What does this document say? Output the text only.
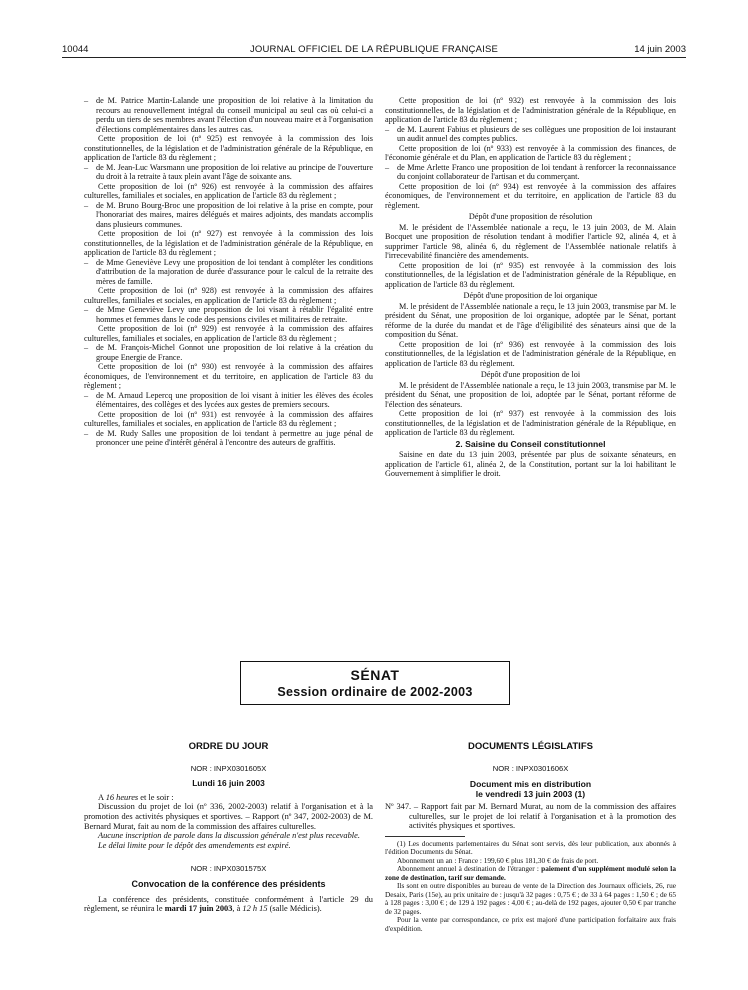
10044	JOURNAL OFFICIEL DE LA RÉPUBLIQUE FRANÇAISE	14 juin 2003

– de M. Patrice Martin-Lalande une proposition de loi relative à la limitation du recours au renouvellement intégral du conseil municipal au seul cas où celui-ci a perdu un tiers de ses membres avant l'élection d'un nouveau maire et à l'organisation d'élections complémentaires dans les autres cas.

Cette proposition de loi (nº 925) est renvoyée à la commission des lois constitutionnelles, de la législation et de l'administration générale de la République, en application de l'article 83 du règlement ;

– de M. Jean-Luc Warsmann une proposition de loi relative au principe de l'ouverture du droit à la retraite à taux plein avant l'âge de soixante ans.

Cette proposition de loi (nº 926) est renvoyée à la commission des affaires culturelles, familiales et sociales, en application de l'article 83 du règlement ;

– de M. Bruno Bourg-Broc une proposition de loi relative à la prise en compte, pour l'honorariat des maires, maires délégués et maires adjoints, des mandats accomplis dans plusieurs communes.

Cette proposition de loi (nº 927) est renvoyée à la commission des lois constitutionnelles, de la législation et de l'administration générale de la République, en application de l'article 83 du règlement ;

– de Mme Geneviève Levy une proposition de loi tendant à compléter les conditions d'attribution de la majoration de durée d'assurance pour le calcul de la retraite des mères de famille.

Cette proposition de loi (nº 928) est renvoyée à la commission des affaires culturelles, familiales et sociales, en application de l'article 83 du règlement ;

– de Mme Geneviève Levy une proposition de loi visant à rétablir l'égalité entre hommes et femmes dans le code des pensions civiles et militaires de retraite.

Cette proposition de loi (nº 929) est renvoyée à la commission des affaires culturelles, familiales et sociales, en application de l'article 83 du règlement ;

– de M. François-Michel Gonnot une proposition de loi relative à la création du groupe Energie de France.

Cette proposition de loi (nº 930) est renvoyée à la commission des affaires économiques, de l'environnement et du territoire, en application de l'article 83 du règlement ;

– de M. Arnaud Lepercq une proposition de loi visant à initier les élèves des écoles élémentaires, des collèges et des lycées aux gestes de premiers secours.

Cette proposition de loi (nº 931) est renvoyée à la commission des affaires culturelles, familiales et sociales, en application de l'article 83 du règlement ;

– de M. Rudy Salles une proposition de loi tendant à permettre au juge pénal de prononcer une peine d'intérêt général à l'encontre des auteurs de graffitis.

Cette proposition de loi (nº 932) est renvoyée à la commission des lois constitutionnelles, de la législation et de l'administration générale de la République, en application de l'article 83 du règlement ;

– de M. Laurent Fabius et plusieurs de ses collègues une proposition de loi instaurant un audit annuel des comptes publics.

Cette proposition de loi (nº 933) est renvoyée à la commission des finances, de l'économie générale et du Plan, en application de l'article 83 du règlement ;

– de Mme Arlette Franco une proposition de loi tendant à renforcer la reconnaissance du conjoint collaborateur de l'artisan et du commerçant.

Cette proposition de loi (nº 934) est renvoyée à la commission des affaires économiques, de l'environnement et du territoire, en application de l'article 83 du règlement.

Dépôt d'une proposition de résolution

M. le président de l'Assemblée nationale a reçu, le 13 juin 2003, de M. Alain Bocquet une proposition de résolution tendant à modifier l'article 92, alinéa 4, et à supprimer l'article 98, alinéa 6, du règlement de l'Assemblée nationale relatifs à l'irrecevabilité financière des amendements.

Cette proposition de loi (nº 935) est renvoyée à la commission des lois constitutionnelles, de la législation et de l'administration générale de la République, en application de l'article 83 du règlement.

Dépôt d'une proposition de loi organique

M. le président de l'Assemblée nationale a reçu, le 13 juin 2003, transmise par M. le président du Sénat, une proposition de loi organique, adoptée par le Sénat, portant réforme de la durée du mandat et de l'âge d'éligibilité des sénateurs ainsi que de la composition du Sénat.

Cette proposition de loi (nº 936) est renvoyée à la commission des lois constitutionnelles, de la législation et de l'administration générale de la République, en application de l'article 83 du règlement.

Dépôt d'une proposition de loi

M. le président de l'Assemblée nationale a reçu, le 13 juin 2003, transmise par M. le président du Sénat, une proposition de loi, adoptée par le Sénat, portant réforme de l'élection des sénateurs.

Cette proposition de loi (nº 937) est renvoyée à la commission des lois constitutionnelles, de la législation et de l'administration générale de la République, en application de l'article 83 du règlement.

2. Saisine du Conseil constitutionnel

Saisine en date du 13 juin 2003, présentée par plus de soixante sénateurs, en application de l'article 61, alinéa 2, de la Constitution, portant sur la loi habilitant le Gouvernement à simplifier le droit.

SÉNAT
Session ordinaire de 2002-2003

ORDRE DU JOUR

NOR : INPX0301605X

Lundi 16 juin 2003

A 16 heures et le soir :

Discussion du projet de loi (nº 336, 2002-2003) relatif à l'organisation et à la promotion des activités physiques et sportives. – Rapport (nº 347, 2002-2003) de M. Bernard Murat, fait au nom de la commission des affaires culturelles.

Aucune inscription de parole dans la discussion générale n'est plus recevable.

Le délai limite pour le dépôt des amendements est expiré.

NOR : INPX0301575X

Convocation de la conférence des présidents

La conférence des présidents, constituée conformément à l'article 29 du règlement, se réunira le mardi 17 juin 2003, à 12 h 15 (salle Médicis).

DOCUMENTS LÉGISLATIFS

NOR : INPX0301606X

Document mis en distribution

le vendredi 13 juin 2003 (1)

Nº 347. – Rapport fait par M. Bernard Murat, au nom de la commission des affaires culturelles, sur le projet de loi relatif à l'organisation et à la promotion des activités physiques et sportives.

(1) Les documents parlementaires du Sénat sont servis, dès leur publication, aux abonnés à l'édition Documents du Sénat.

Abonnement un an : France : 199,60 € plus 181,30 € de frais de port.

Abonnement annuel à destination de l'étranger : paiement d'un supplément modulé selon la zone de destination, tarif sur demande.

Ils sont en outre disponibles au bureau de vente de la Direction des Journaux officiels, 26, rue Desaix, Paris (15e), au prix unitaire de : jusqu'à 32 pages : 0,75 € ; de 33 à 64 pages : 1,50 € ; de 65 à 128 pages : 3,00 € ; de 129 à 192 pages : 4,00 € ; au-delà de 192 pages, ajouter 0,50 € par tranche de 32 pages.

Pour la vente par correspondance, ce prix est majoré d'une participation forfaitaire aux frais d'expédition.
